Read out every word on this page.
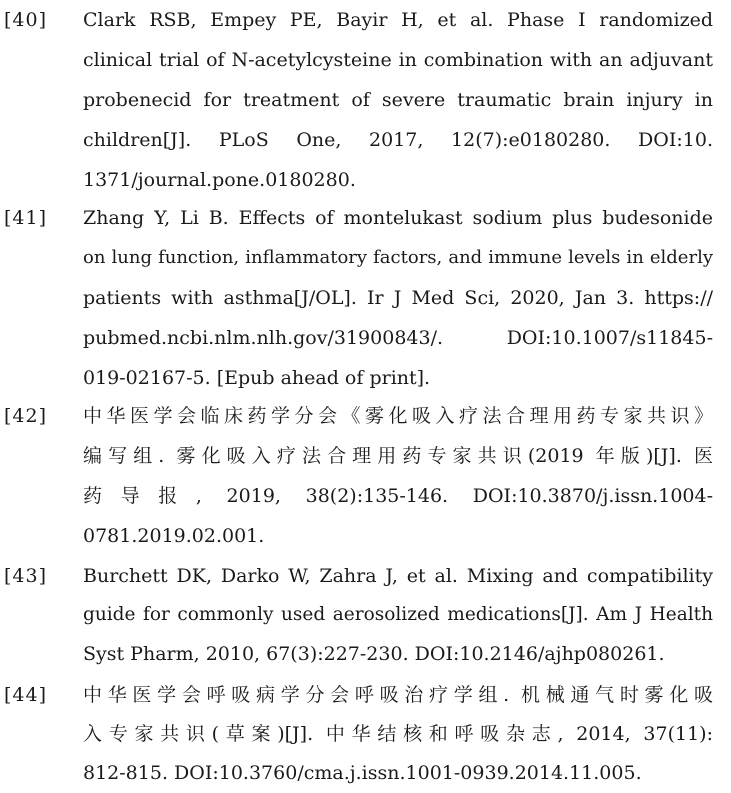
[40] Clark RSB, Empey PE, Bayir H, et al. Phase I randomized
clinical trial of N-acetylcysteine in combination with an adjuvant
probenecid for treatment of severe traumatic brain injury in
children[J]. PLoS One, 2017, 12(7):e0180280. DOI:10.
1371/journal.pone.0180280.
[41] Zhang Y, Li B. Effects of montelukast sodium plus budesonide
on lung function, inflammatory factors, and immune levels in elderly
patients with asthma[J/OL]. Ir J Med Sci, 2020, Jan 3. https://
pubmed.ncbi.nlm.nlh.gov/31900843/. DOI:10.1007/s11845-
019-02167-5. [Epub ahead of print].
[42] 中华医学会临床药学分会《雾化吸入疗法合理用药专家共识》
编写组. 雾化吸入疗法合理用药专家共识(2019 年版)[J]. 医
药导报, 2019, 38(2):135-146. DOI:10.3870/j.issn.1004-
0781.2019.02.001.
[43] Burchett DK, Darko W, Zahra J, et al. Mixing and compatibility
guide for commonly used aerosolized medications[J]. Am J Health
Syst Pharm, 2010, 67(3):227-230. DOI:10.2146/ajhp080261.
[44] 中华医学会呼吸病学分会呼吸治疗学组. 机械通气时雾化吸
入专家共识(草案)[J]. 中华结核和呼吸杂志, 2014, 37(11):
812-815. DOI:10.3760/cma.j.issn.1001-0939.2014.11.005.
